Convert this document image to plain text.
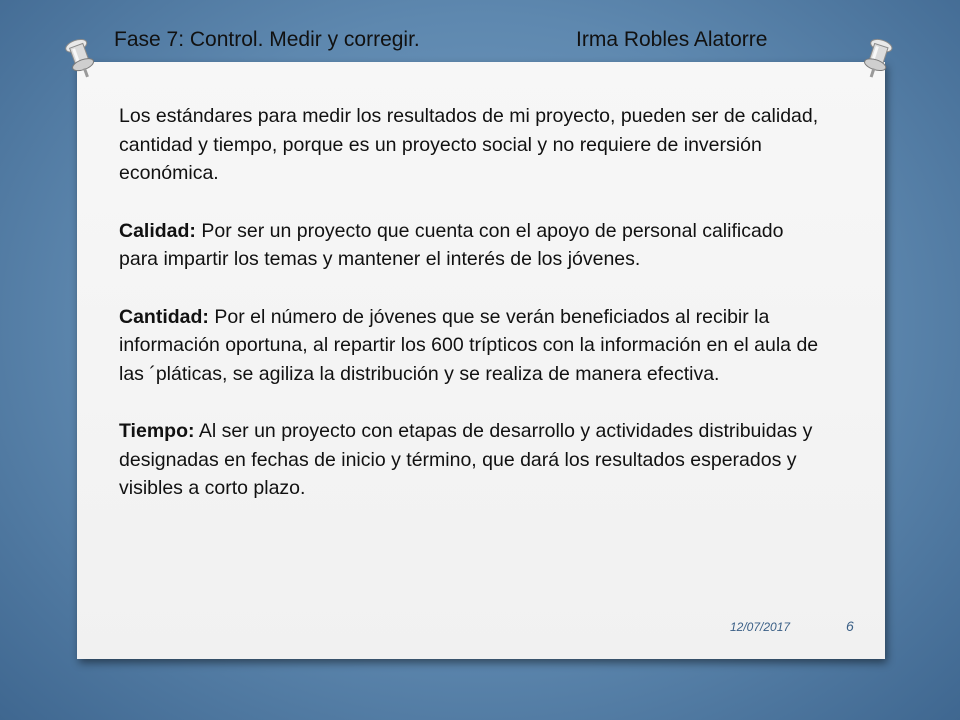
Fase 7: Control. Medir y corregir.	Irma Robles Alatorre

Los estándares para medir los resultados de mi proyecto, pueden ser de calidad, cantidad y tiempo, porque es un proyecto social y no requiere de inversión económica.

Calidad: Por ser un proyecto que cuenta con el apoyo de personal calificado para impartir los temas y mantener el interés de los jóvenes.

Cantidad: Por el número de jóvenes que se verán beneficiados al recibir la información oportuna, al repartir los 600 trípticos con la información en el aula de las ´pláticas, se agiliza la distribución y se realiza de manera efectiva.

Tiempo: Al ser un proyecto con etapas de desarrollo y actividades distribuidas y designadas en fechas de inicio y término, que dará los resultados esperados y visibles a corto plazo.

12/07/2017	6
